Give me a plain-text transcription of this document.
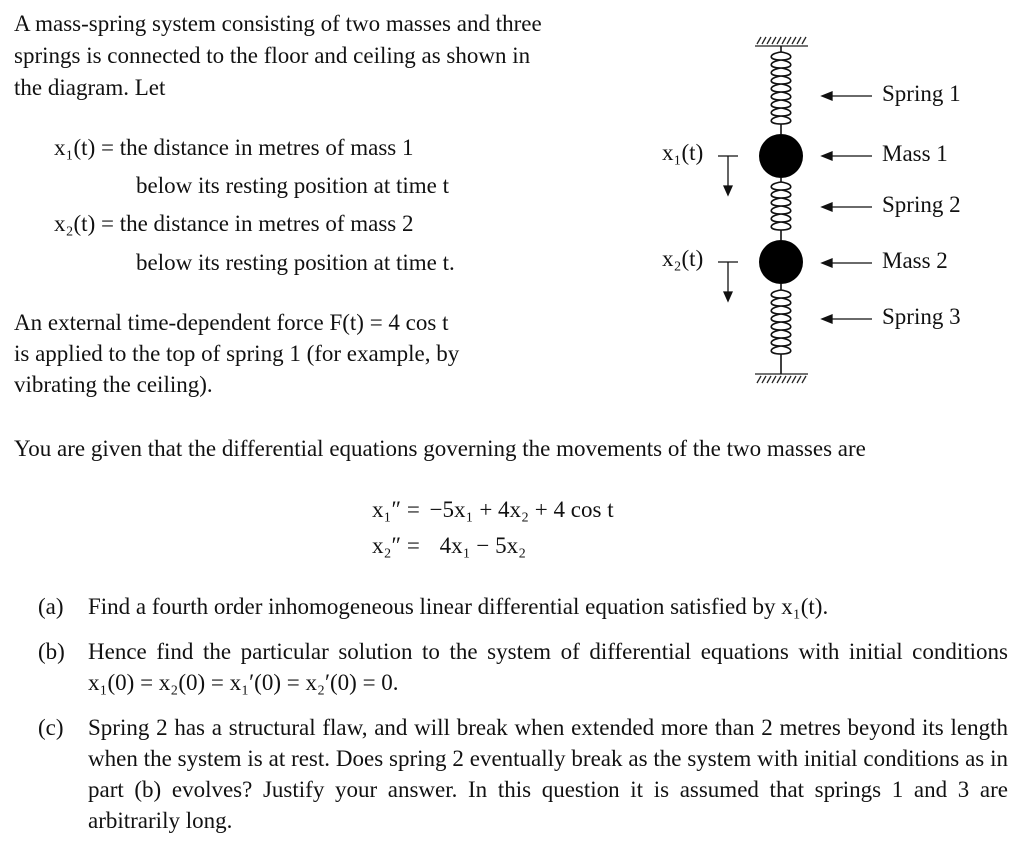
A mass-spring system consisting of two masses and three springs is connected to the floor and ceiling as shown in the diagram. Let
x₁(t) = the distance in metres of mass 1
below its resting position at time t
x₂(t) = the distance in metres of mass 2
below its resting position at time t.
An external time-dependent force F(t) = 4 cos t
is applied to the top of spring 1 (for example, by
vibrating the ceiling).
x₁(t)
x₂(t)
Spring 1
Mass 1
Spring 2
Mass 2
Spring 3
You are given that the differential equations governing the movements of the two masses are
x₁″ = −5x₁ + 4x₂ + 4 cos t
x₂″ = 4x₁ − 5x₂
(a) Find a fourth order inhomogeneous linear differential equation satisfied by x₁(t).
(b) Hence find the particular solution to the system of differential equations with initial conditions x₁(0) = x₂(0) = x₁′(0) = x₂′(0) = 0.
(c) Spring 2 has a structural flaw, and will break when extended more than 2 metres beyond its length when the system is at rest. Does spring 2 eventually break as the system with initial conditions as in part (b) evolves? Justify your answer. In this question it is assumed that springs 1 and 3 are arbitrarily long.
